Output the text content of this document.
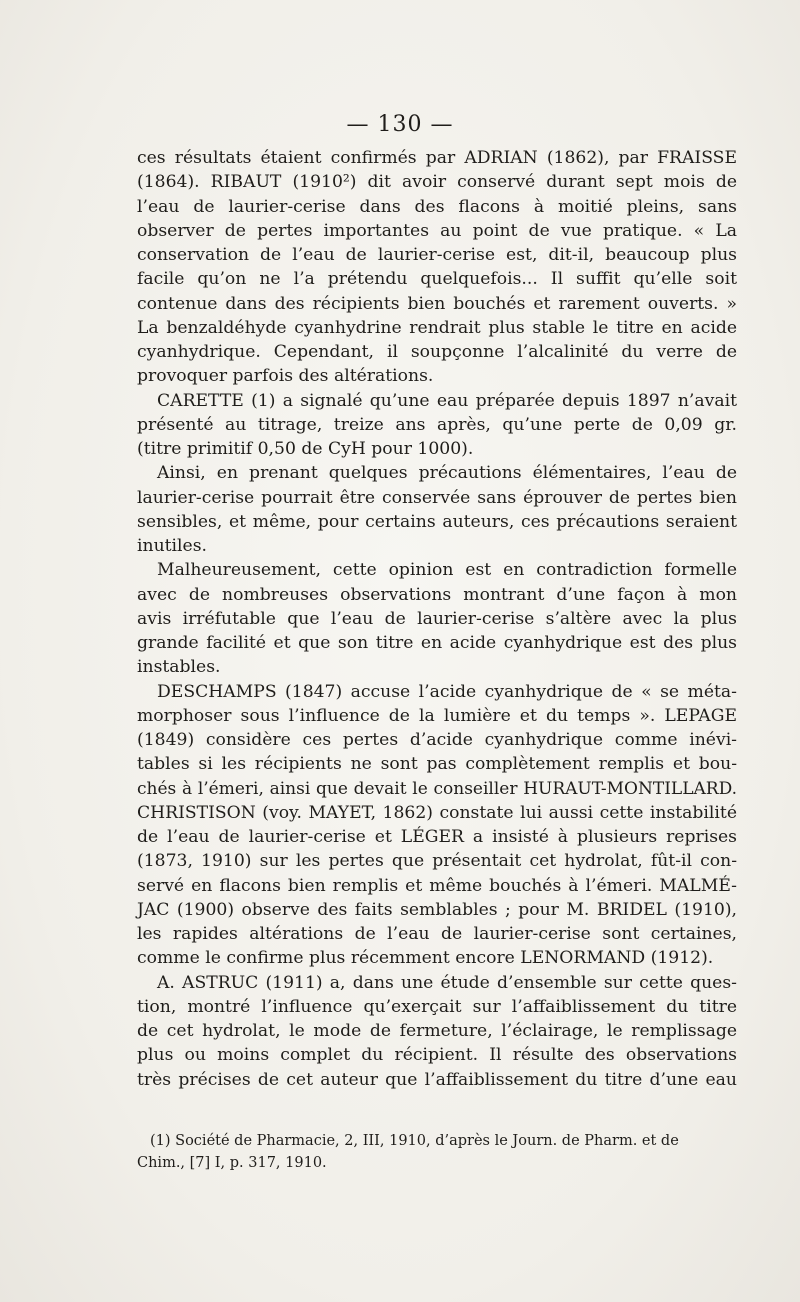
— 130 —

ces résultats étaient confirmés par ADRIAN (1862), par FRAISSE

(1864). RIBAUT (1910²) dit avoir conservé durant sept mois de

l’eau de laurier-cerise dans des flacons à moitié pleins, sans

observer de pertes importantes au point de vue pratique. « La

conservation de l’eau de laurier-cerise est, dit-il, beaucoup plus

facile qu’on ne l’a prétendu quelquefois... Il suffit qu’elle soit

contenue dans des récipients bien bouchés et rarement ouverts. »

La benzaldéhyde cyanhydrine rendrait plus stable le titre en acide

cyanhydrique. Cependant, il soupçonne l’alcalinité du verre de

provoquer parfois des altérations.

CARETTE (1) a signalé qu’une eau préparée depuis 1897 n’avait

présenté au titrage, treize ans après, qu’une perte de 0,09 gr.

(titre primitif 0,50 de CyH pour 1000).

Ainsi, en prenant quelques précautions élémentaires, l’eau de

laurier-cerise pourrait être conservée sans éprouver de pertes bien

sensibles, et même, pour certains auteurs, ces précautions seraient

inutiles.

Malheureusement, cette opinion est en contradiction formelle

avec de nombreuses observations montrant d’une façon à mon

avis irréfutable que l’eau de laurier-cerise s’altère avec la plus

grande facilité et que son titre en acide cyanhydrique est des plus

instables.

DESCHAMPS (1847) accuse l’acide cyanhydrique de « se méta-

morphoser sous l’influence de la lumière et du temps ». LEPAGE

(1849) considère ces pertes d’acide cyanhydrique comme inévi-

tables si les récipients ne sont pas complètement remplis et bou-

chés à l’émeri, ainsi que devait le conseiller HURAUT-MONTILLARD.

CHRISTISON (voy. MAYET, 1862) constate lui aussi cette instabilité

de l’eau de laurier-cerise et LÉGER a insisté à plusieurs reprises

(1873, 1910) sur les pertes que présentait cet hydrolat, fût-il con-

servé en flacons bien remplis et même bouchés à l’émeri. MALMÉ-

JAC (1900) observe des faits semblables ; pour M. BRIDEL (1910),

les rapides altérations de l’eau de laurier-cerise sont certaines,

comme le confirme plus récemment encore LENORMAND (1912).

A. ASTRUC (1911) a, dans une étude d’ensemble sur cette ques-

tion, montré l’influence qu’exerçait sur l’affaiblissement du titre

de cet hydrolat, le mode de fermeture, l’éclairage, le remplissage

plus ou moins complet du récipient. Il résulte des observations

très précises de cet auteur que l’affaiblissement du titre d’une eau

(1) Société de Pharmacie, 2, III, 1910, d’après le Journ. de Pharm. et de

Chim., [7] I, p. 317, 1910.
